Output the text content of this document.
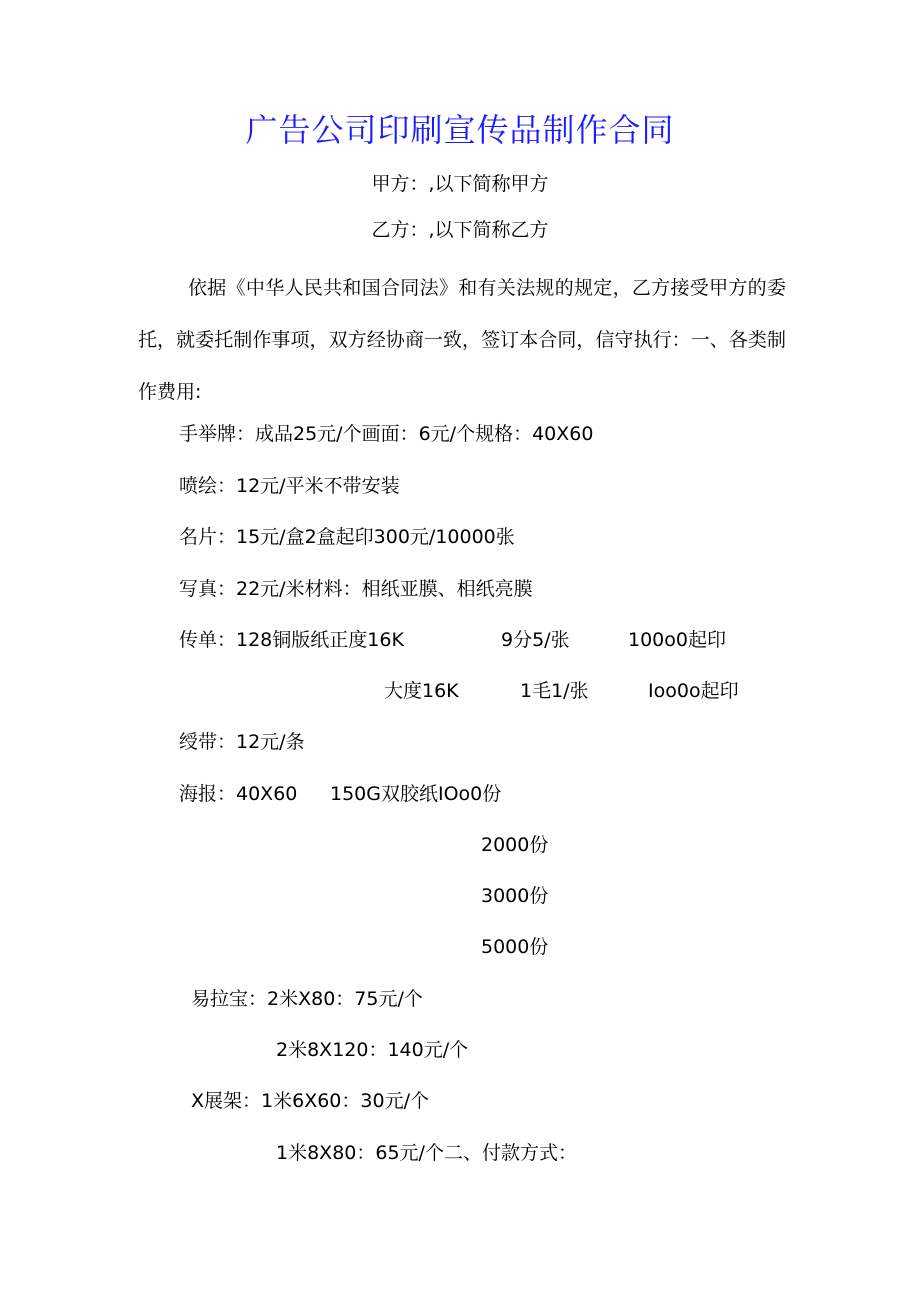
广告公司印刷宣传品制作合同
甲方：,以下简称甲方
乙方：,以下简称乙方
依据《中华人民共和国合同法》和有关法规的规定，乙方接受甲方的委托，就委托制作事项，双方经协商一致，签订本合同，信守执行：一、各类制作费用:
手举牌：成品25元/个画面：6元/个规格：40X60
喷绘：12元/平米不带安装
名片：15元/盒2盒起印300元/10000张
写真：22元/米材料：相纸亚膜、相纸亮膜
传单：128铜版纸正度16K	9分5/张	100o0起印
大度16K	1毛1/张	Ioo0o起印
绶带：12元/条
海报：40X60 150G双胶纸IOo0份
2000份
3000份
5000份
易拉宝：2米X80：75元/个
2米8X120：140元/个
X展架：1米6X60：30元/个
1米8X80：65元/个二、付款方式：
